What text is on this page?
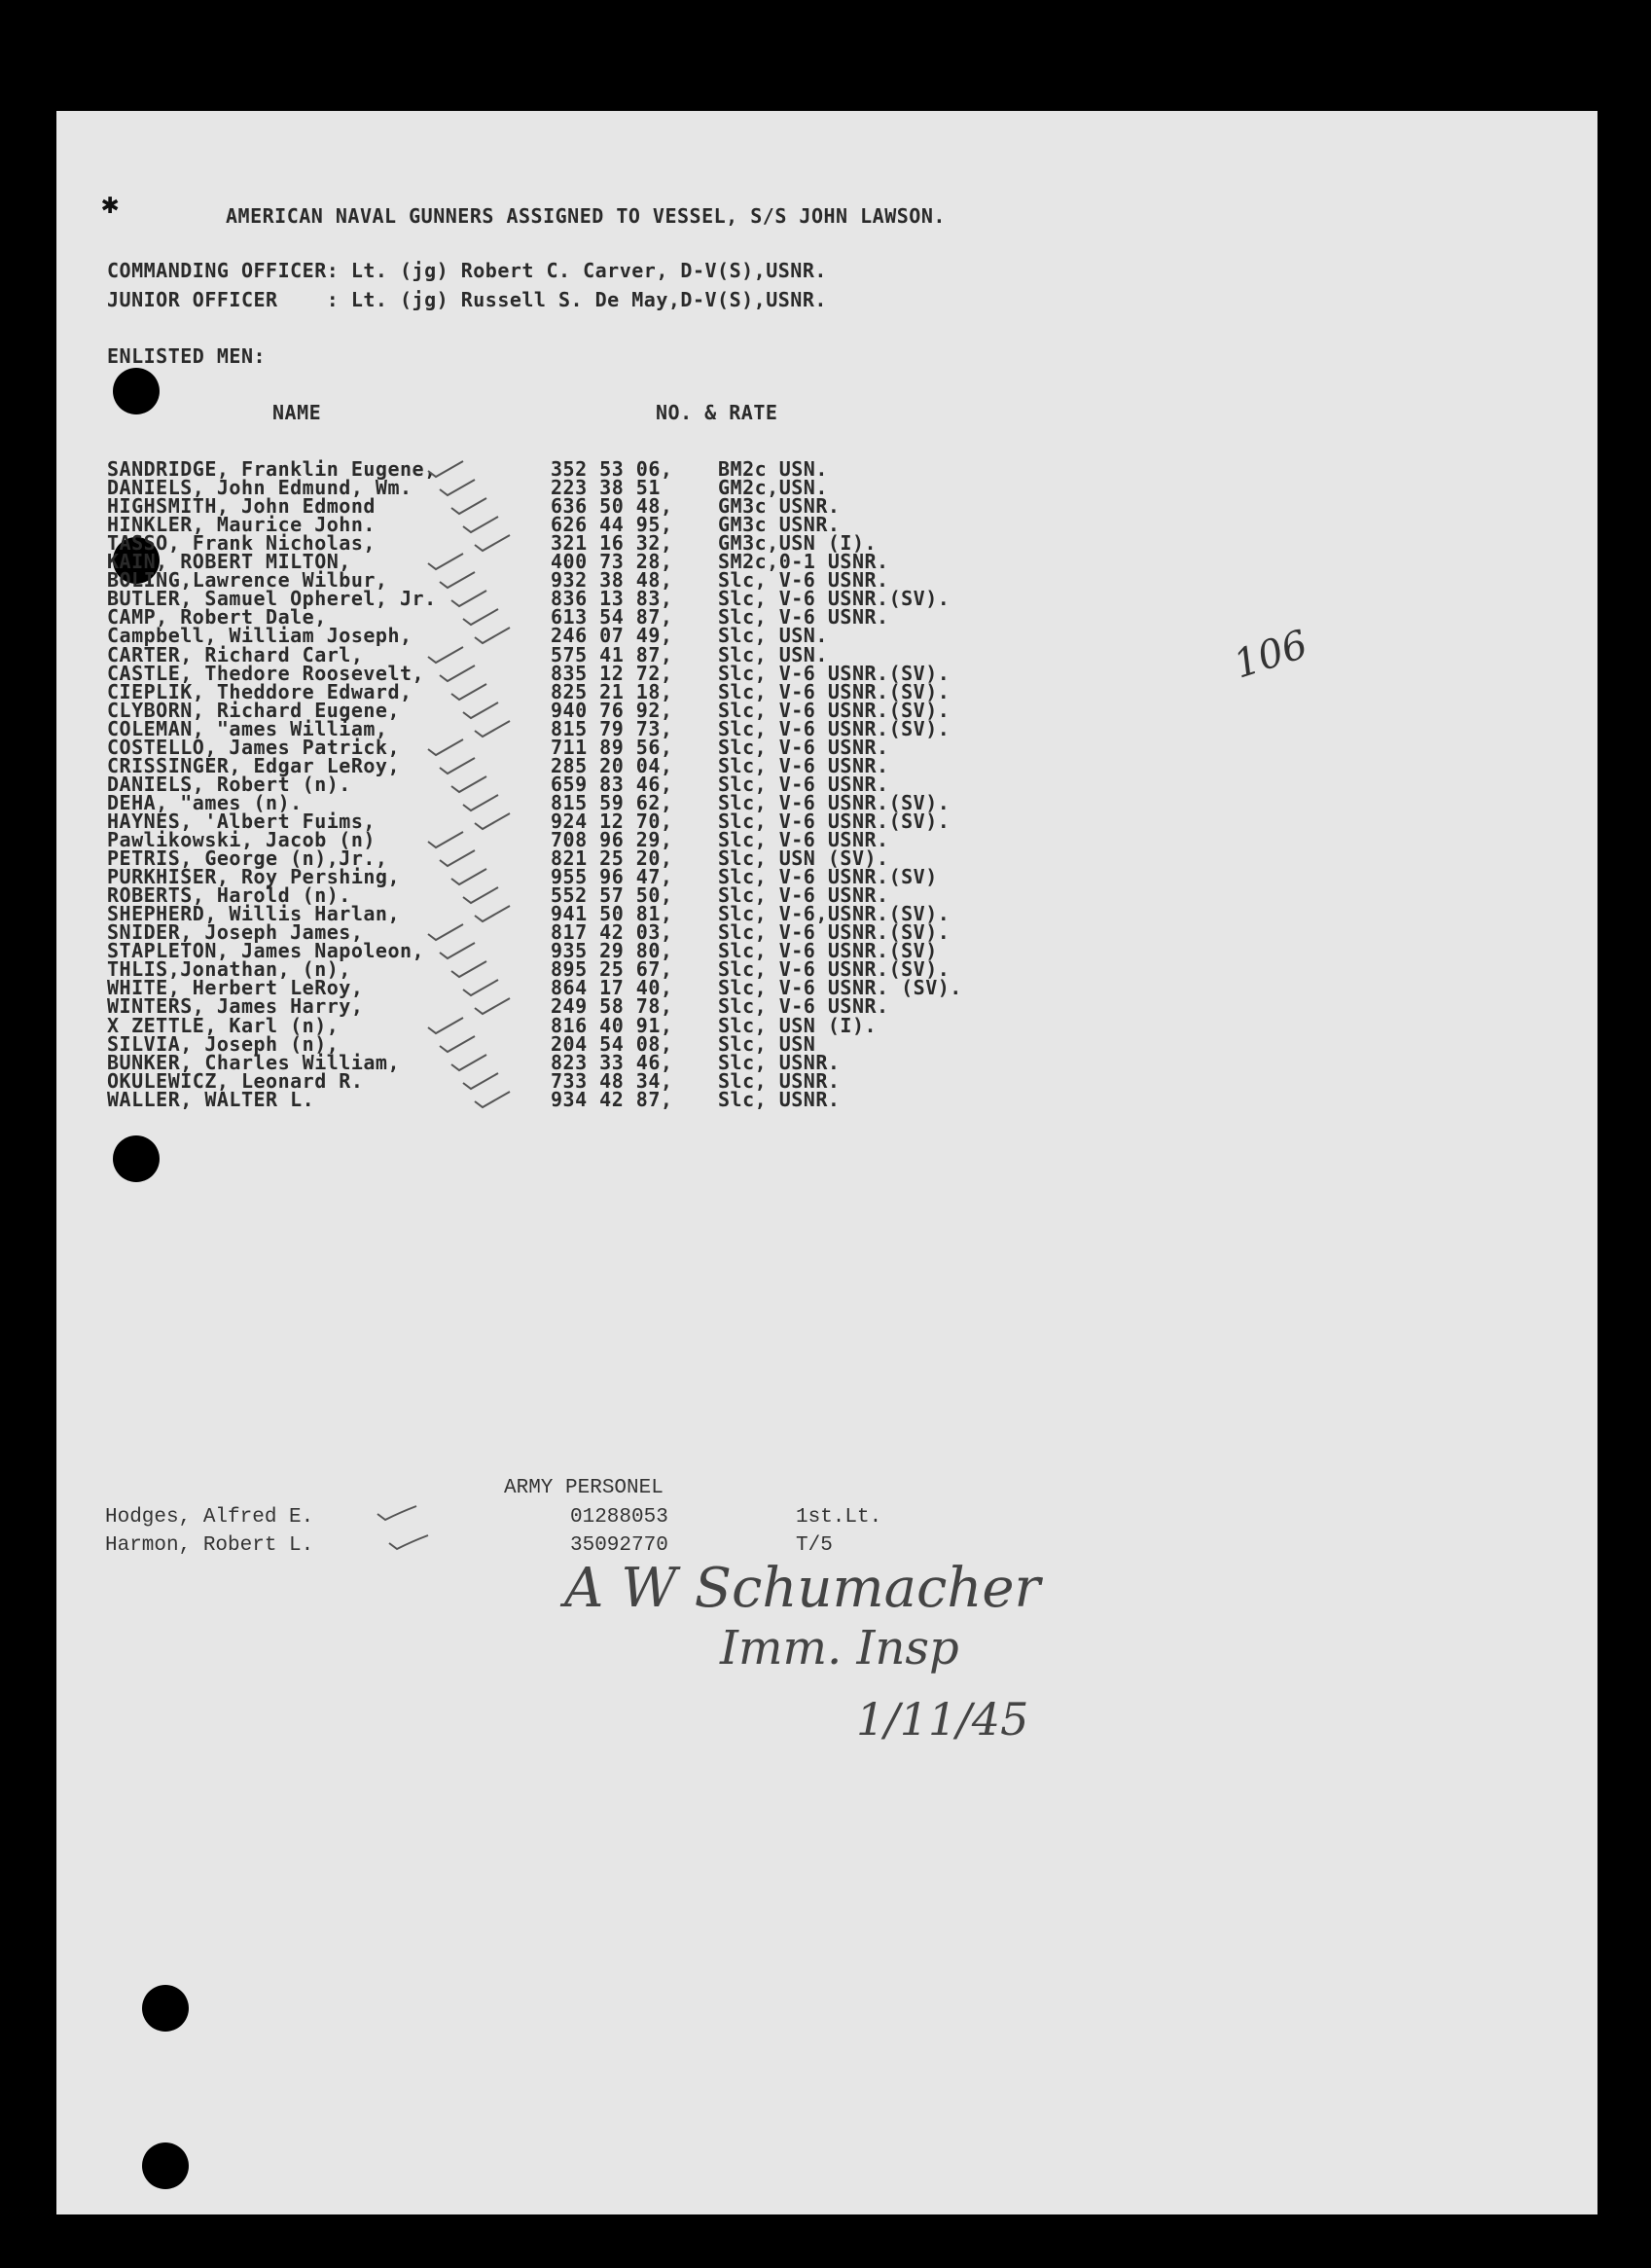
AMERICAN NAVAL GUNNERS ASSIGNED TO VESSEL, S/S JOHN LAWSON.
COMMANDING OFFICER: Lt. (jg) Robert C. Carver, D-V(S),USNR.
JUNIOR OFFICER    : Lt. (jg) Russell S. De May,D-V(S),USNR.
ENLISTED MEN:
NAME	NO. & RATE
106
SANDRIDGE, Franklin Eugene,	352 53 06, BM2c USN.
DANIELS, John Edmund, Wm.	223 38 51	GM2c,USN.
HIGHSMITH, John Edmond	636 50 48, GM3c USNR.
HINKLER, Maurice John.	626 44 95, GM3c USNR.
TASSO, Frank Nicholas,	321 16 32, GM3c,USN (I).
KAIN, ROBERT MILTON,	400 73 28, SM2c,0-1 USNR.
BOLING,Lawrence Wilbur,	932 38 48, Slc, V-6 USNR.
BUTLER, Samuel Opherel, Jr.	836 13 83, Slc, V-6 USNR.(SV).
CAMP, Robert Dale,	613 54 87, Slc, V-6 USNR.
Campbell, William Joseph,	246 07 49, Slc, USN.
CARTER, Richard Carl,	575 41 87, Slc, USN.
CASTLE, Thedore Roosevelt,	835 12 72, Slc, V-6 USNR.(SV).
CIEPLIK, Theddore Edward,	825 21 18, Slc, V-6 USNR.(SV).
CLYBORN, Richard Eugene,	940 76 92, Slc, V-6 USNR.(SV).
COLEMAN, "ames William,	815 79 73, Slc, V-6 USNR.(SV).
COSTELLO, James Patrick,	711 89 56, Slc, V-6 USNR.
CRISSINGER, Edgar LeRoy,	285 20 04, Slc, V-6 USNR.
DANIELS, Robert (n).	659 83 46, Slc, V-6 USNR.
DEHA, "ames (n).	815 59 62, Slc, V-6 USNR.(SV).
HAYNES, 'Albert Fuims,	924 12 70, Slc, V-6 USNR.(SV).
Pawlikowski, Jacob (n)	708 96 29, Slc, V-6 USNR.
PETRIS, George (n),Jr.,	821 25 20, Slc, USN (SV).
PURKHISER, Roy Pershing,	955 96 47, Slc, V-6 USNR.(SV)
ROBERTS, Harold (n).	552 57 50, Slc, V-6 USNR.
SHEPHERD, Willis Harlan,	941 50 81, Slc, V-6,USNR.(SV).
SNIDER, Joseph James,	817 42 03, Slc, V-6 USNR.(SV).
STAPLETON, James Napoleon,	935 29 80, Slc, V-6 USNR.(SV)
THLIS,Jonathan, (n),	895 25 67, Slc, V-6 USNR.(SV).
WHITE, Herbert LeRoy,	864 17 40, Slc, V-6 USNR. (SV).
WINTERS, James Harry,	249 58 78, Slc, V-6 USNR.
X ZETTLE, Karl (n),	816 40 91, Slc, USN (I).
SILVIA, Joseph (n),	204 54 08, Slc, USN
BUNKER, Charles William,	823 33 46, Slc, USNR.
OKULEWICZ, Leonard R.	733 48 34, Slc, USNR.
WALLER, WALTER L.	934 42 87, Slc, USNR.
ARMY PERSONEL
Hodges, Alfred E.	01288053	1st.Lt.
Harmon, Robert L.	35092770	T/5
A W Schumacher
Imm. Insp
1/11/45
✱
